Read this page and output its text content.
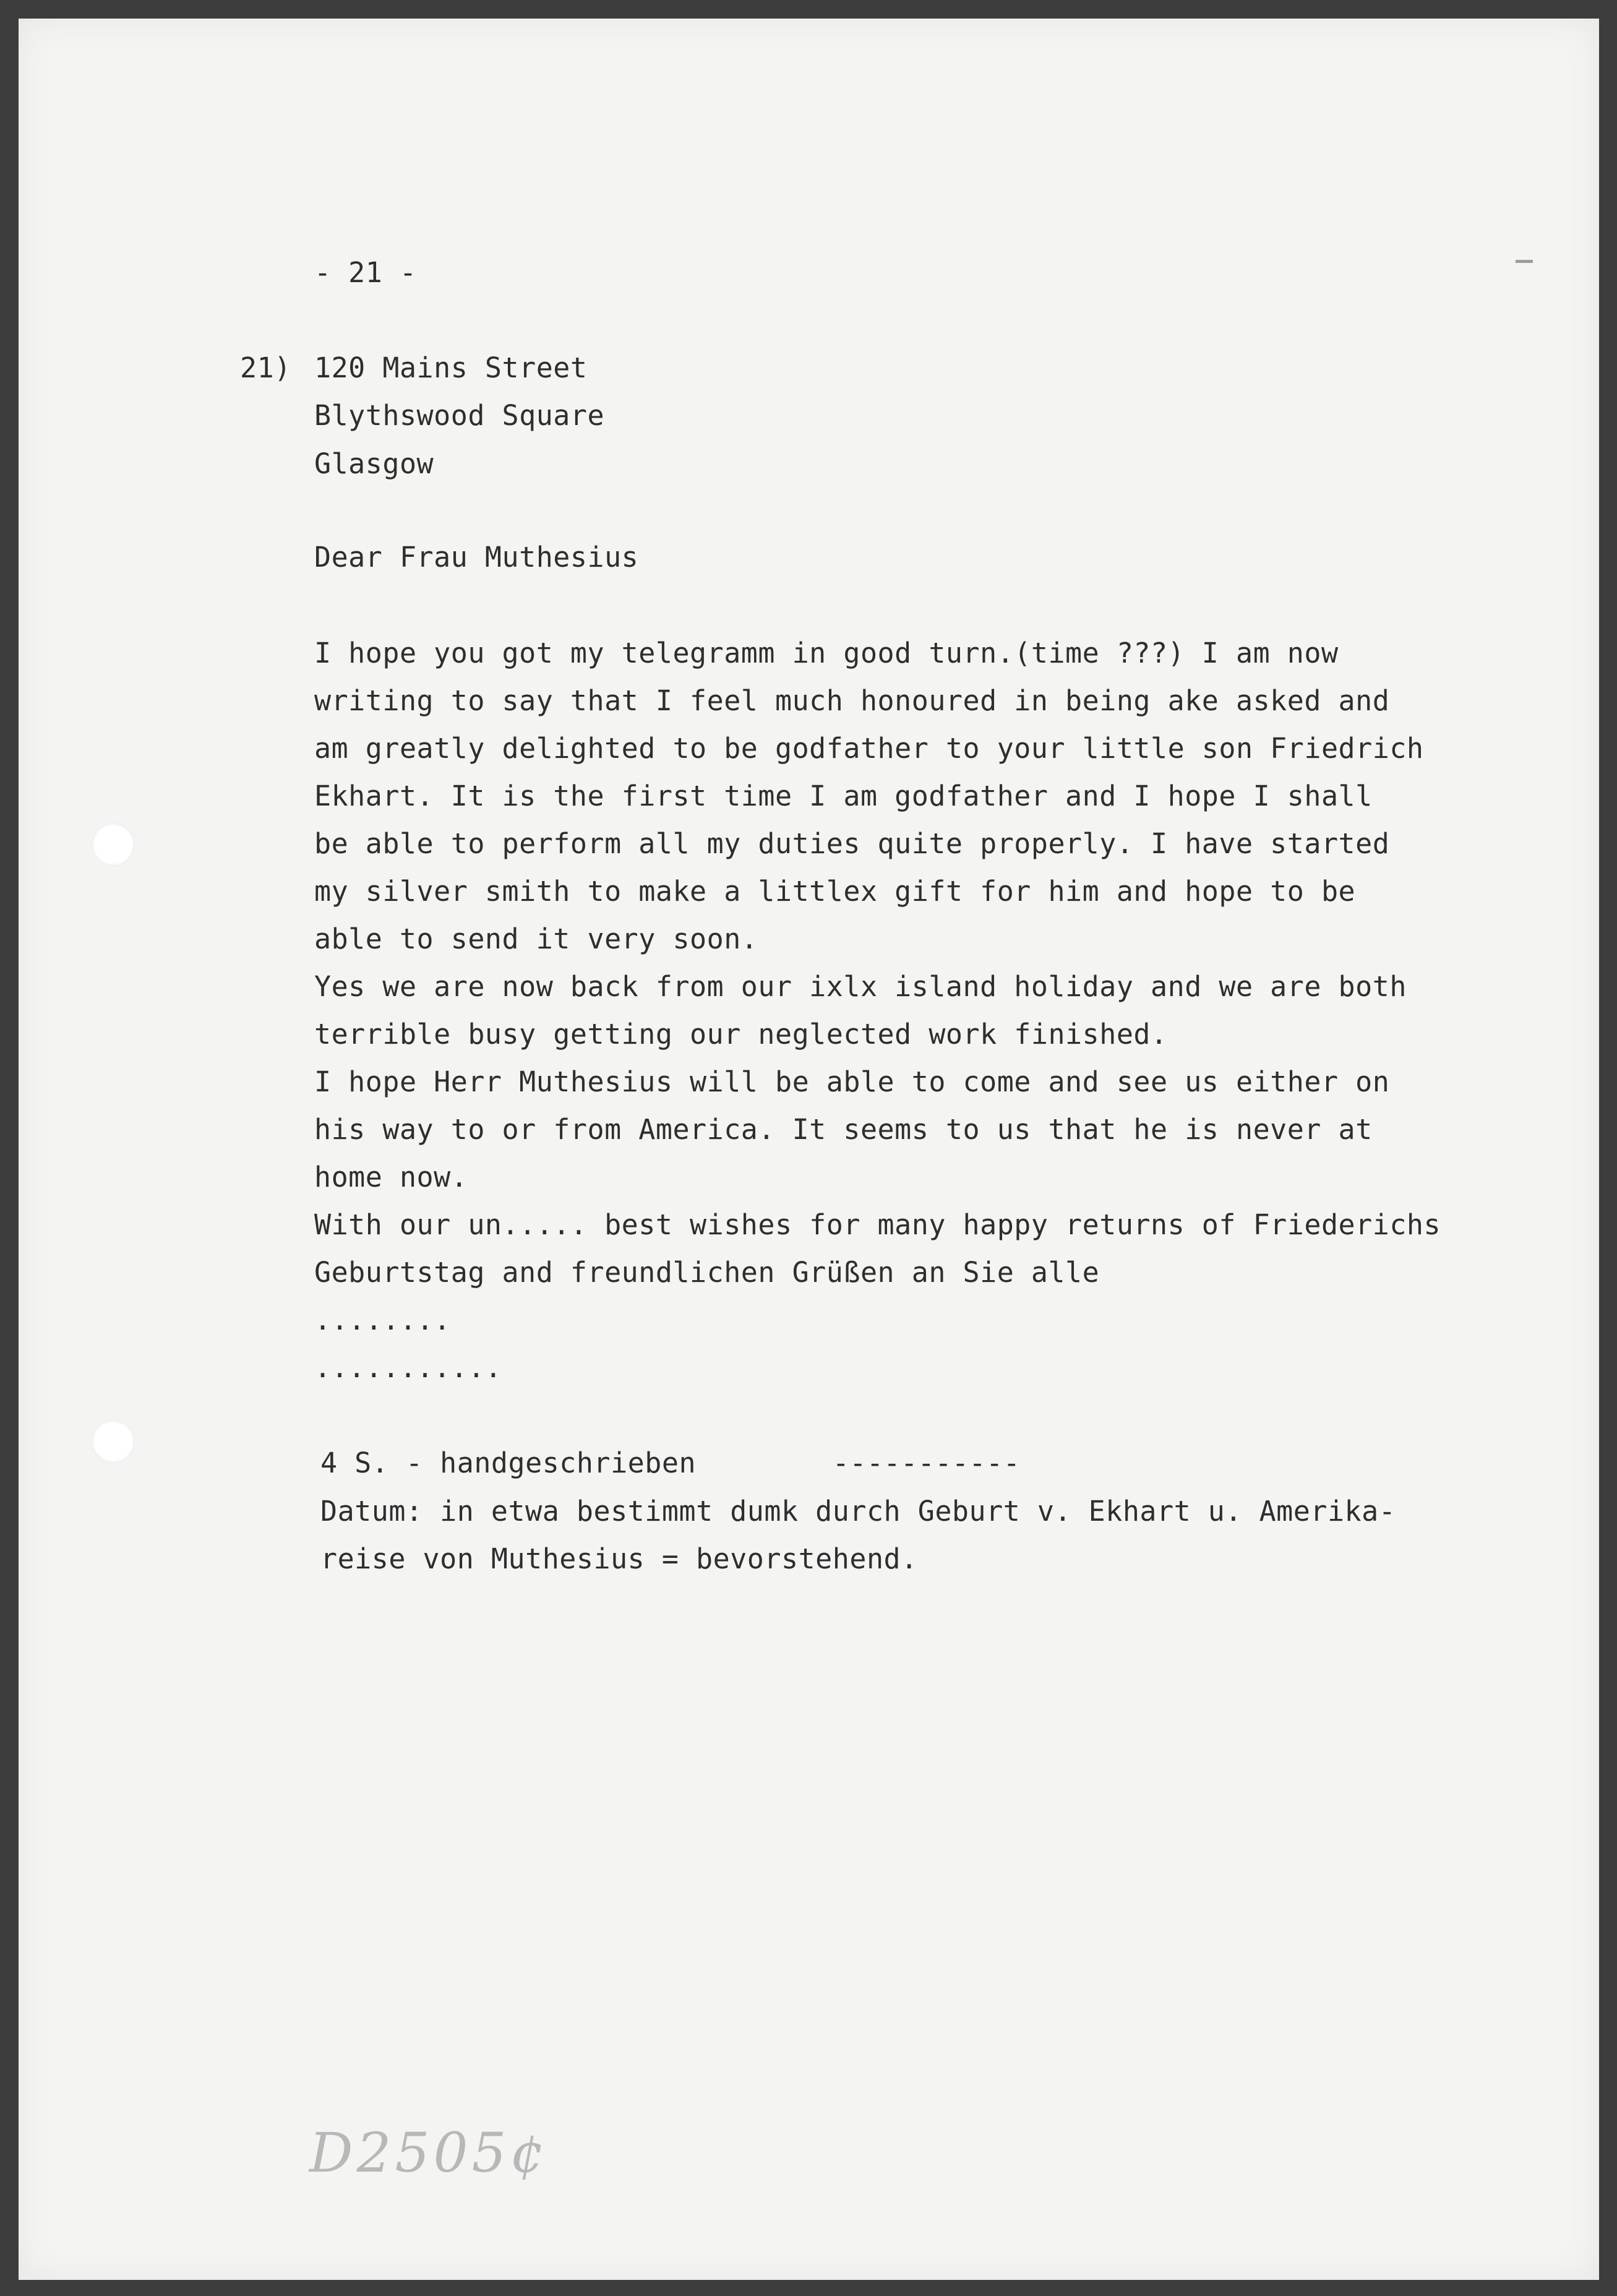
- 21 -
21) 120 Mains Street
Blythswood Square
Glasgow
Dear Frau Muthesius
I hope you got my telegramm in good turn.(time ???) I am now
writing to say that I feel much honoured in being ake asked and
am greatly delighted to be godfather to your little son Friedrich
Ekhart. It is the first time I am godfather and I hope I shall
be able to perform all my duties quite properly. I have started
my silver smith to make a littlex gift for him and hope to be
able to send it very soon.
Yes we are now back from our ixlx island holiday and we are both
terrible busy getting our neglected work finished.
I hope Herr Muthesius will be able to come and see us either on
his way to or from America. It seems to us that he is never at
home now.
With our un..... best wishes for many happy returns of Friederichs
Geburtstag and freundlichen Grüßen an Sie alle
........
...........
4 S. - handgeschrieben        -----------
Datum: in etwa bestimmt dumk durch Geburt v. Ekhart u. Amerika-
reise von Muthesius = bevorstehend.
D2505¢
